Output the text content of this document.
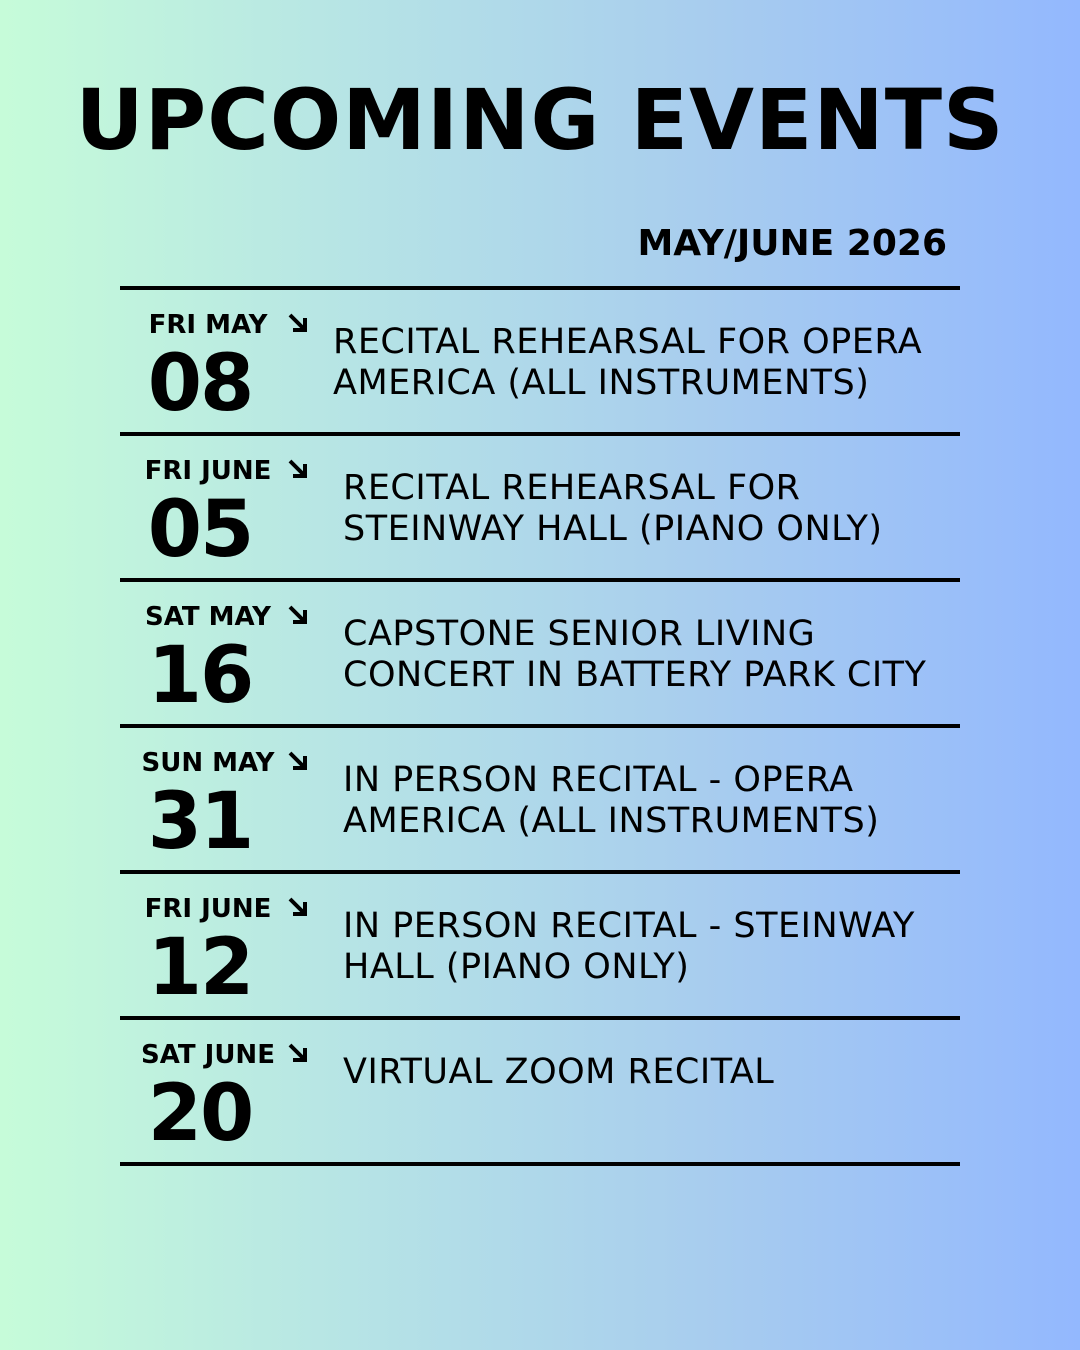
UPCOMING EVENTS
MAY/JUNE 2026
FRI MAY
08	RECITAL REHEARSAL FOR OPERA AMERICA (ALL INSTRUMENTS)
FRI JUNE
05	RECITAL REHEARSAL FOR STEINWAY HALL (PIANO ONLY)
SAT MAY
16	CAPSTONE SENIOR LIVING CONCERT IN BATTERY PARK CITY
SUN MAY
31	IN PERSON RECITAL - OPERA AMERICA (ALL INSTRUMENTS)
FRI JUNE
12	IN PERSON RECITAL - STEINWAY HALL (PIANO ONLY)
SAT JUNE
20	VIRTUAL ZOOM RECITAL
